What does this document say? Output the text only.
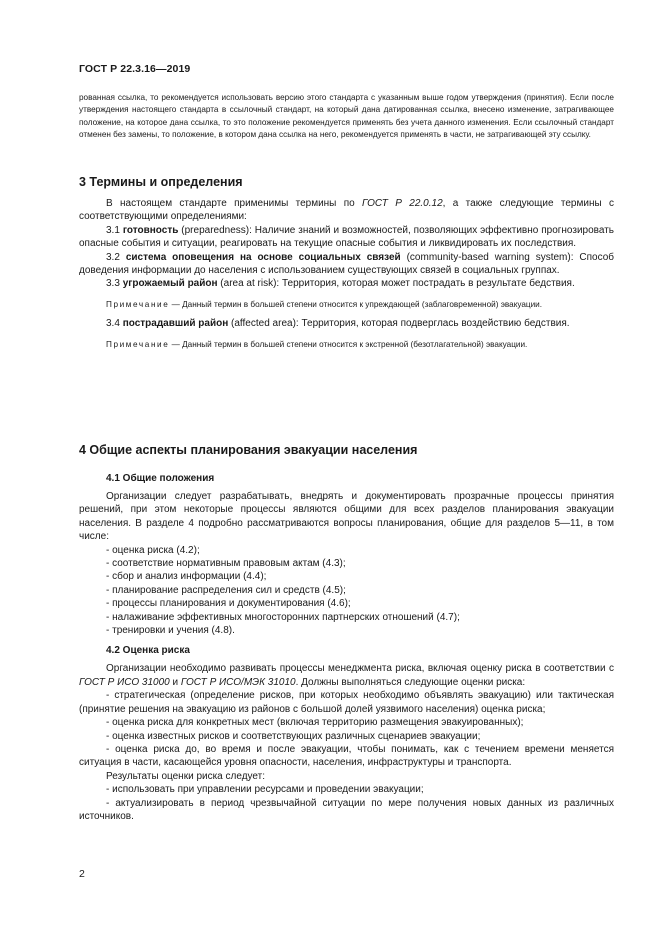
ГОСТ Р 22.3.16—2019
рованная ссылка, то рекомендуется использовать версию этого стандарта с указанным выше годом утверждения (принятия). Если после утверждения настоящего стандарта в ссылочный стандарт, на который дана датированная ссылка, внесено изменение, затрагивающее положение, на которое дана ссылка, то это положение рекомендуется применять без учета данного изменения. Если ссылочный стандарт отменен без замены, то положение, в котором дана ссылка на него, рекомендуется применять в части, не затрагивающей эту ссылку.

3 Термины и определения

В настоящем стандарте применимы термины по ГОСТ Р 22.0.12, а также следующие термины с соответствующими определениями:

3.1 готовность (preparedness): Наличие знаний и возможностей, позволяющих эффективно прогнозировать опасные события и ситуации, реагировать на текущие опасные события и ликвидировать их последствия.

3.2 система оповещения на основе социальных связей (community-based warning system): Способ доведения информации до населения с использованием существующих связей в социальных группах.

3.3 угрожаемый район (area at risk): Территория, которая может пострадать в результате бедствия.

Примечание — Данный термин в большей степени относится к упреждающей (заблаговременной) эвакуации.

3.4 пострадавший район (affected area): Территория, которая подверглась воздействию бедствия.

Примечание — Данный термин в большей степени относится к экстренной (безотлагательной) эвакуации.

4 Общие аспекты планирования эвакуации населения

4.1 Общие положения

Организации следует разрабатывать, внедрять и документировать прозрачные процессы принятия решений, при этом некоторые процессы являются общими для всех разделов планирования эвакуации населения. В разделе 4 подробно рассматриваются вопросы планирования, общие для разделов 5—11, в том числе:

- оценка риска (4.2);

- соответствие нормативным правовым актам (4.3);

- сбор и анализ информации (4.4);

- планирование распределения сил и средств (4.5);

- процессы планирования и документирования (4.6);

- налаживание эффективных многосторонних партнерских отношений (4.7);

- тренировки и учения (4.8).

4.2 Оценка риска

Организации необходимо развивать процессы менеджмента риска, включая оценку риска в соответствии с ГОСТ Р ИСО 31000 и ГОСТ Р ИСО/МЭК 31010. Должны выполняться следующие оценки риска:

- стратегическая (определение рисков, при которых необходимо объявлять эвакуацию) или тактическая (принятие решения на эвакуацию из районов с большой долей уязвимого населения) оценка риска;

- оценка риска для конкретных мест (включая территорию размещения эвакуированных);

- оценка известных рисков и соответствующих различных сценариев эвакуации;

- оценка риска до, во время и после эвакуации, чтобы понимать, как с течением времени меняется ситуация в части, касающейся уровня опасности, населения, инфраструктуры и транспорта.

Результаты оценки риска следует:

- использовать при управлении ресурсами и проведении эвакуации;

- актуализировать в период чрезвычайной ситуации по мере получения новых данных из различных источников.

2
